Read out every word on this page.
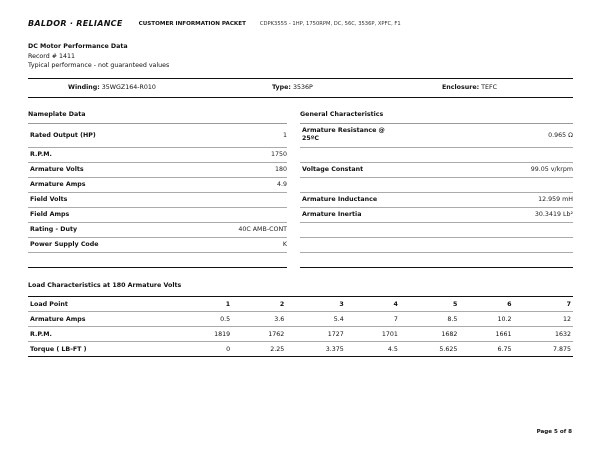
BALDOR · RELIANCE	CUSTOMER INFORMATION PACKET	CDPK3555 - 1HP, 1750RPM, DC, 56C, 3536P, XPFC, F1
DC Motor Performance Data
Record # 1411
Typical performance - not guaranteed values
Winding: 35WGZ164-R010	Type: 3536P	Enclosure: TEFC
Nameplate Data
Rated Output (HP)	1
R.P.M.	1750
Armature Volts	180
Armature Amps	4.9
Field Volts
Field Amps
Rating - Duty	40C AMB-CONT
Power Supply Code	K
General Characteristics
Armature Resistance @ 25ºC	0.965 Ω
Voltage Constant	99.05 v/krpm
Armature Inductance	12.959 mH
Armature Inertia	30.3419 Lb²
Load Characteristics at 180 Armature Volts
Load Point	1	2	3	4	5	6	7
Armature Amps	0.5	3.6	5.4	7	8.5	10.2	12
R.P.M.	1819	1762	1727	1701	1682	1661	1632
Torque ( LB-FT )	0	2.25	3.375	4.5	5.625	6.75	7.875
Page 5 of 8
